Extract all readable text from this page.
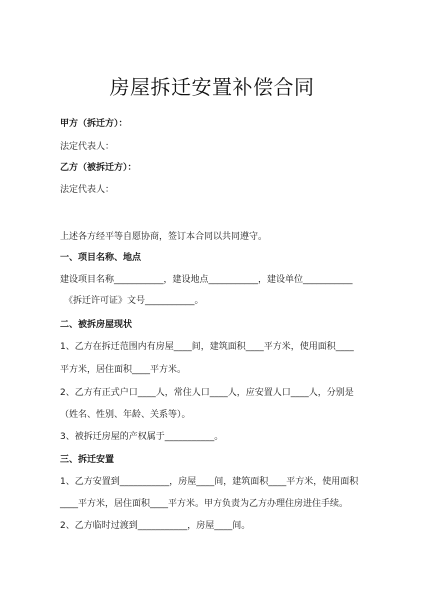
房屋拆迁安置补偿合同
甲方（拆迁方）：
法定代表人：
乙方（被拆迁方）：
法定代表人：
上述各方经平等自愿协商，签订本合同以共同遵守。
一、项目名称、地点
建设项目名称___________，建设地点___________，建设单位___________
《拆迁许可证》文号___________。
二、被拆房屋现状
1、乙方在拆迁范围内有房屋____间，建筑面积____平方米，使用面积____
平方米，居住面积____平方米。
2、乙方有正式户口____人，常住人口____人，应安置人口____人，分别是
（姓名、性别、年龄、关系等）。
3、被拆迁房屋的产权属于___________。
三、拆迁安置
1、乙方安置到___________，房屋____间，建筑面积____平方米，使用面积
____平方米，居住面积____平方米。甲方负责为乙方办理住房进住手续。
2、乙方临时过渡到___________，房屋____间。
